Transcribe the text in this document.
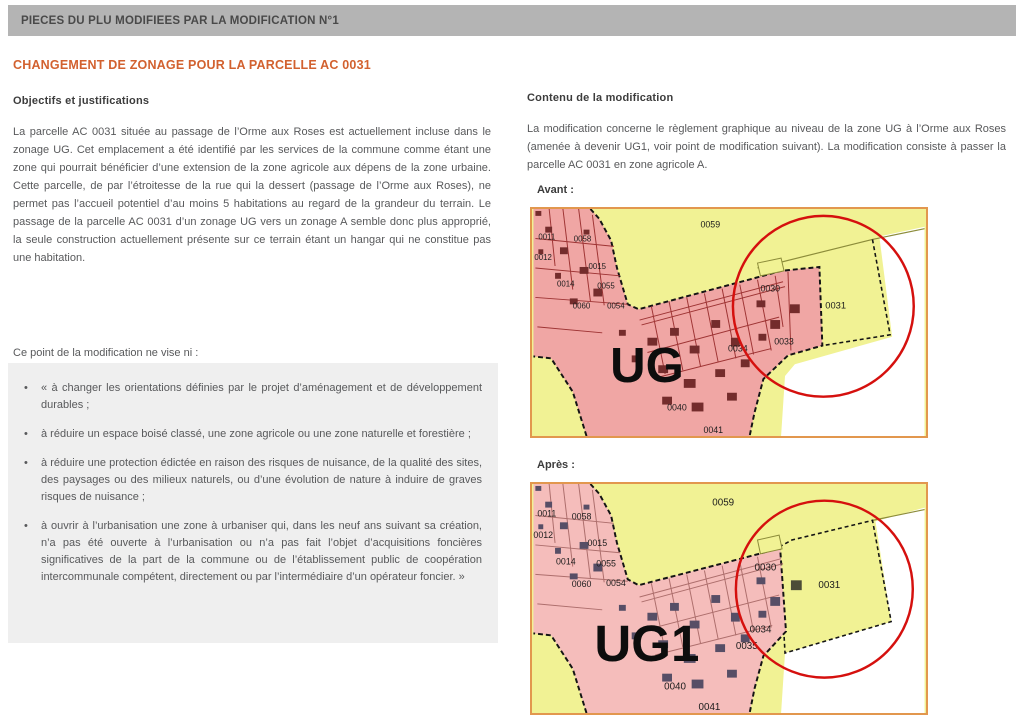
PIECES DU PLU MODIFIEES PAR LA MODIFICATION N°1
CHANGEMENT DE ZONAGE POUR LA PARCELLE AC 0031
Objectifs et justifications
La parcelle AC 0031 située au passage de l’Orme aux Roses est actuellement incluse dans le zonage UG. Cet emplacement a été identifié par les services de la commune comme étant une zone qui pourrait bénéficier d’une extension de la zone agricole aux dépens de la zone urbaine. Cette parcelle, de par l’étroitesse de la rue qui la dessert (passage de l’Orme aux Roses), ne permet pas l’accueil potentiel d’au moins 5 habitations au regard de la grandeur du terrain. Le passage de la parcelle AC 0031 d’un zonage UG vers un zonage A semble donc plus approprié, la seule construction actuellement présente sur ce terrain étant un hangar qui ne constitue pas une habitation.
Ce point de la modification ne vise ni :
• « à changer les orientations définies par le projet d’aménagement et de développement durables ;
• à réduire un espace boisé classé, une zone agricole ou une zone naturelle et forestière ;
• à réduire une protection édictée en raison des risques de nuisance, de la qualité des sites, des paysages ou des milieux naturels, ou d’une évolution de nature à induire de graves risques de nuisance ;
• à ouvrir à l’urbanisation une zone à urbaniser qui, dans les neuf ans suivant sa création, n’a pas été ouverte à l’urbanisation ou n’a pas fait l’objet d’acquisitions foncières significatives de la part de la commune ou de l’établissement public de coopération intercommunale compétent, directement ou par l’intermédiaire d’un opérateur foncier. »
Contenu de la modification
La modification concerne le règlement graphique au niveau de la zone UG à l’Orme aux Roses (amenée à devenir UG1, voir point de modification suivant). La modification consiste à passer la parcelle AC 0031 en zone agricole A.
Avant :
UG
0059
0011 0058
0012
0015
0014	0055
0060 0054
0030
0031
0033
0034
0040
0041
Après :
UG1
0059
0011 0058
0012
0015
0014 0055
0060 0054
0030
0031
0034
0035
0040
0041
